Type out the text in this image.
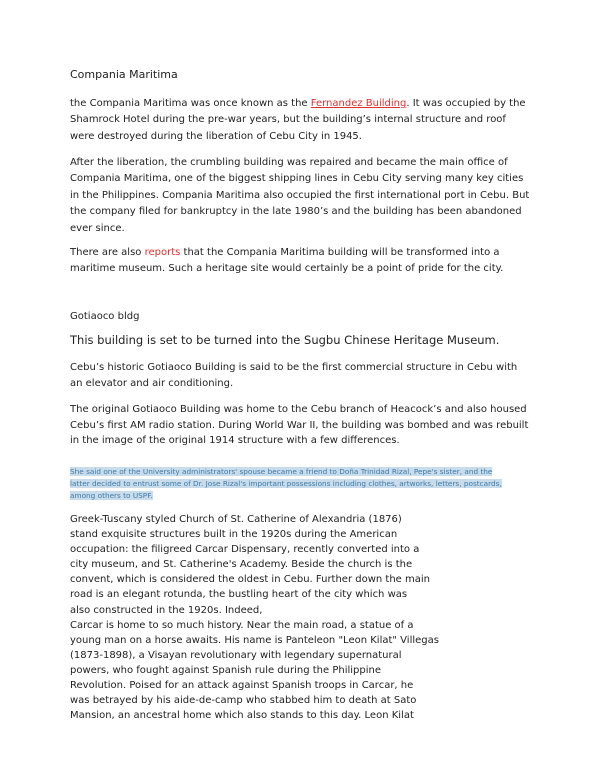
Compania Maritima

the Compania Maritima was once known as the Fernandez Building. It was occupied by the Shamrock Hotel during the pre-war years, but the building’s internal structure and roof were destroyed during the liberation of Cebu City in 1945.

After the liberation, the crumbling building was repaired and became the main office of Compania Maritima, one of the biggest shipping lines in Cebu City serving many key cities in the Philippines. Compania Maritima also occupied the first international port in Cebu. But the company filed for bankruptcy in the late 1980’s and the building has been abandoned ever since.

There are also reports that the Compania Maritima building will be transformed into a maritime museum. Such a heritage site would certainly be a point of pride for the city.

Gotiaoco bldg
This building is set to be turned into the Sugbu Chinese Heritage Museum.

Cebu’s historic Gotiaoco Building is said to be the first commercial structure in Cebu with an elevator and air conditioning.

The original Gotiaoco Building was home to the Cebu branch of Heacock’s and also housed Cebu’s first AM radio station. During World War II, the building was bombed and was rebuilt in the image of the original 1914 structure with a few differences.

She said one of the University administrators' spouse became a friend to Doña Trinidad Rizal, Pepe's sister, and the latter decided to entrust some of Dr. Jose Rizal's important possessions including clothes, artworks, letters, postcards, among others to USPF.
Greek-Tuscany styled Church of St. Catherine of Alexandria (1876)
stand exquisite structures built in the 1920s during the American
occupation: the filigreed Carcar Dispensary, recently converted into a
city museum, and St. Catherine's Academy. Beside the church is the
convent, which is considered the oldest in Cebu. Further down the main
road is an elegant rotunda, the bustling heart of the city which was
also constructed in the 1920s. Indeed,
Carcar is home to so much history. Near the main road, a statue of a
young man on a horse awaits. His name is Panteleon "Leon Kilat" Villegas
(1873-1898), a Visayan revolutionary with legendary supernatural
powers, who fought against Spanish rule during the Philippine
Revolution. Poised for an attack against Spanish troops in Carcar, he
was betrayed by his aide-de-camp who stabbed him to death at Sato
Mansion, an ancestral home which also stands to this day. Leon Kilat
